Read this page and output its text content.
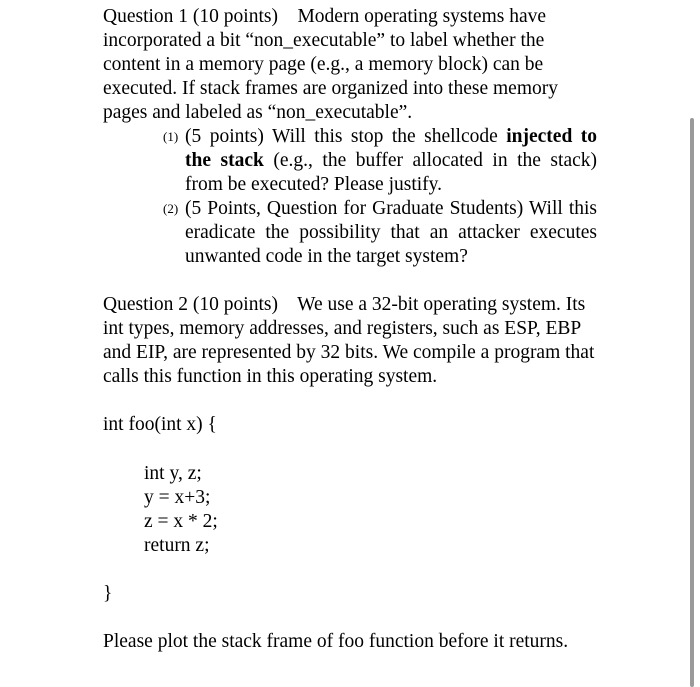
Question 1 (10 points) Modern operating systems have incorporated a bit “non_executable” to label whether the content in a memory page (e.g., a memory block) can be executed. If stack frames are organized into these memory pages and labeled as “non_executable”.
(1) (5 points) Will this stop the shellcode injected to the stack (e.g., the buffer allocated in the stack) from be executed? Please justify.
(2) (5 Points, Question for Graduate Students) Will this eradicate the possibility that an attacker executes unwanted code in the target system?
Question 2 (10 points) We use a 32-bit operating system. Its int types, memory addresses, and registers, such as ESP, EBP and EIP, are represented by 32 bits. We compile a program that calls this function in this operating system.
int foo(int x) {
int y, z;
y = x+3;
z = x * 2;
return z;
}
Please plot the stack frame of foo function before it returns.
